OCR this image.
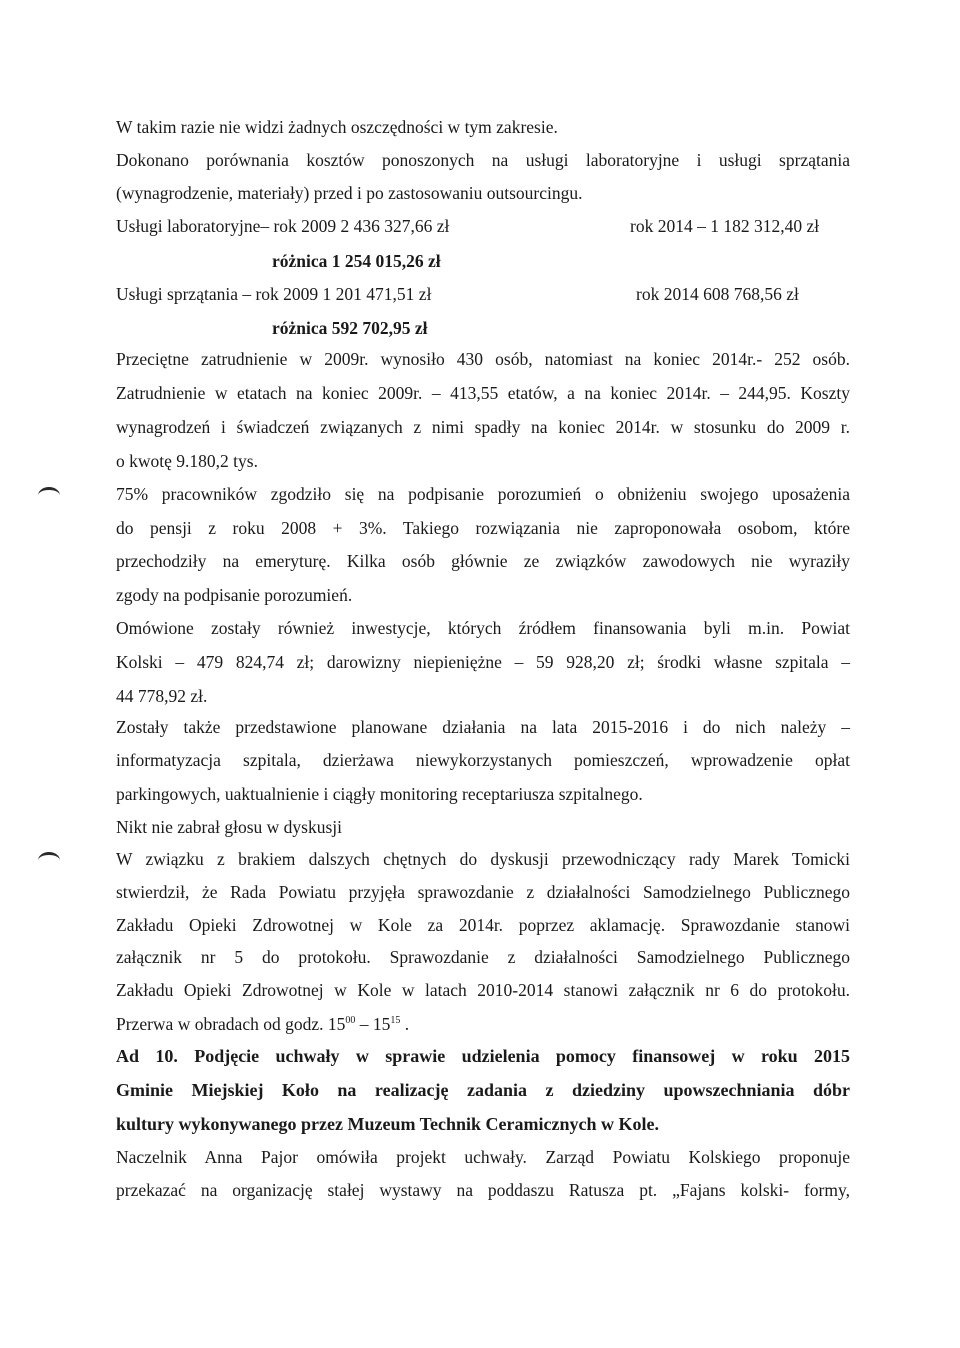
W takim razie nie widzi żadnych oszczędności w tym zakresie.
Dokonano porównania kosztów ponoszonych na usługi laboratoryjne i usługi sprzątania
(wynagrodzenie, materiały) przed i po zastosowaniu outsourcingu.
Usługi laboratoryjne– rok 2009 2 436 327,66 zł	rok 2014 – 1 182 312,40 zł
różnica 1 254 015,26 zł
Usługi sprzątania – rok 2009 1 201 471,51 zł	rok 2014 608 768,56 zł
różnica 592 702,95 zł
Przeciętne zatrudnienie w 2009r. wynosiło 430 osób, natomiast na koniec 2014r.- 252 osób.
Zatrudnienie w etatach na koniec 2009r. – 413,55 etatów, a na koniec 2014r. – 244,95. Koszty
wynagrodzeń i świadczeń związanych z nimi spadły na koniec 2014r. w stosunku do 2009 r.
o kwotę 9.180,2 tys.
75% pracowników zgodziło się na podpisanie porozumień o obniżeniu swojego uposażenia
do pensji z roku 2008 + 3%. Takiego rozwiązania nie zaproponowała osobom, które
przechodziły na emeryturę. Kilka osób głównie ze związków zawodowych nie wyraziły
zgody na podpisanie porozumień.
Omówione zostały również inwestycje, których źródłem finansowania byli m.in. Powiat
Kolski – 479 824,74 zł; darowizny niepieniężne – 59 928,20 zł; środki własne szpitala –
44 778,92 zł.
Zostały także przedstawione planowane działania na lata 2015-2016 i do nich należy –
informatyzacja szpitala, dzierżawa niewykorzystanych pomieszczeń, wprowadzenie opłat
parkingowych, uaktualnienie i ciągły monitoring receptariusza szpitalnego.
Nikt nie zabrał głosu w dyskusji
W związku z brakiem dalszych chętnych do dyskusji przewodniczący rady Marek Tomicki
stwierdził, że Rada Powiatu przyjęła sprawozdanie z działalności Samodzielnego Publicznego
Zakładu Opieki Zdrowotnej w Kole za 2014r. poprzez aklamację. Sprawozdanie stanowi
załącznik nr 5 do protokołu. Sprawozdanie z działalności Samodzielnego Publicznego
Zakładu Opieki Zdrowotnej w Kole w latach 2010-2014 stanowi załącznik nr 6 do protokołu.
Przerwa w obradach od godz. $15^{00} - 15^{15}$ .
Ad 10. Podjęcie uchwały w sprawie udzielenia pomocy finansowej w roku 2015
Gminie Miejskiej Koło na realizację zadania z dziedziny upowszechniania dóbr
kultury wykonywanego przez Muzeum Technik Ceramicznych w Kole.
Naczelnik Anna Pajor omówiła projekt uchwały. Zarząd Powiatu Kolskiego proponuje
przekazać na organizację stałej wystawy na poddaszu Ratusza pt. „Fajans kolski- formy,
